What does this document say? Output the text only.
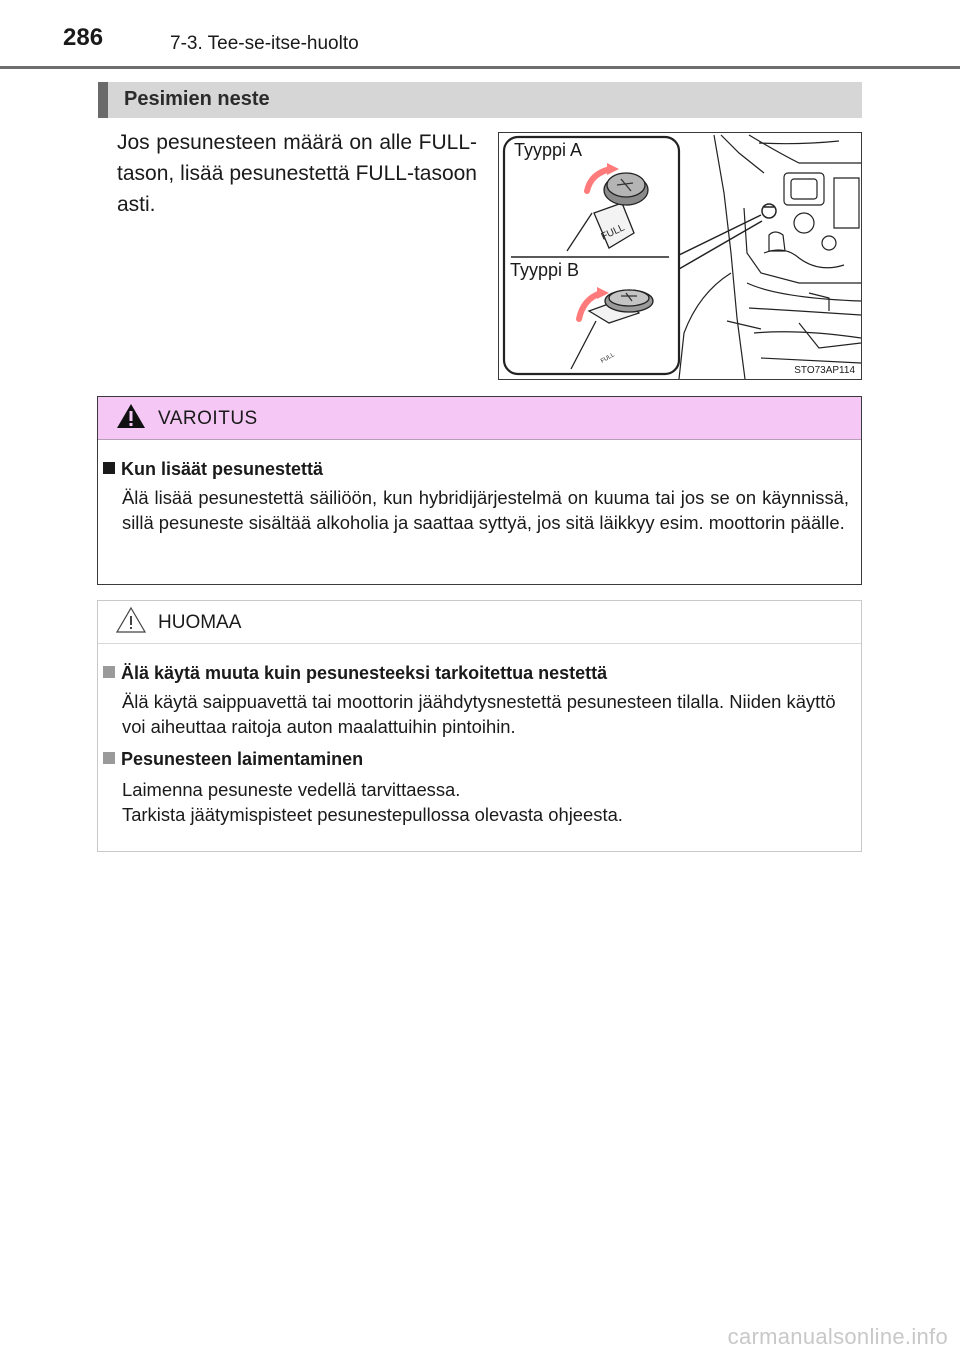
286	7-3. Tee-se-itse-huolto
Pesimien neste
Jos pesunesteen määrä on alle FULL-tason, lisää pesunestettä FULL-tasoon asti.
FULL
FULL
Tyyppi A
Tyyppi B
STO73AP114
VAROITUS
Kun lisäät pesunestettä
Älä lisää pesunestettä säiliöön, kun hybridijärjestelmä on kuuma tai jos se on käynnissä, sillä pesuneste sisältää alkoholia ja saattaa syttyä, jos sitä läikkyy esim. moottorin päälle.
HUOMAA
Älä käytä muuta kuin pesunesteeksi tarkoitettua nestettä
Älä käytä saippuavettä tai moottorin jäähdytysnestettä pesunesteen tilalla. Niiden käyttö voi aiheuttaa raitoja auton maalattuihin pintoihin.
Pesunesteen laimentaminen
Laimenna pesuneste vedellä tarvittaessa.
Tarkista jäätymispisteet pesunestepullossa olevasta ohjeesta.
carmanualsonline.info
